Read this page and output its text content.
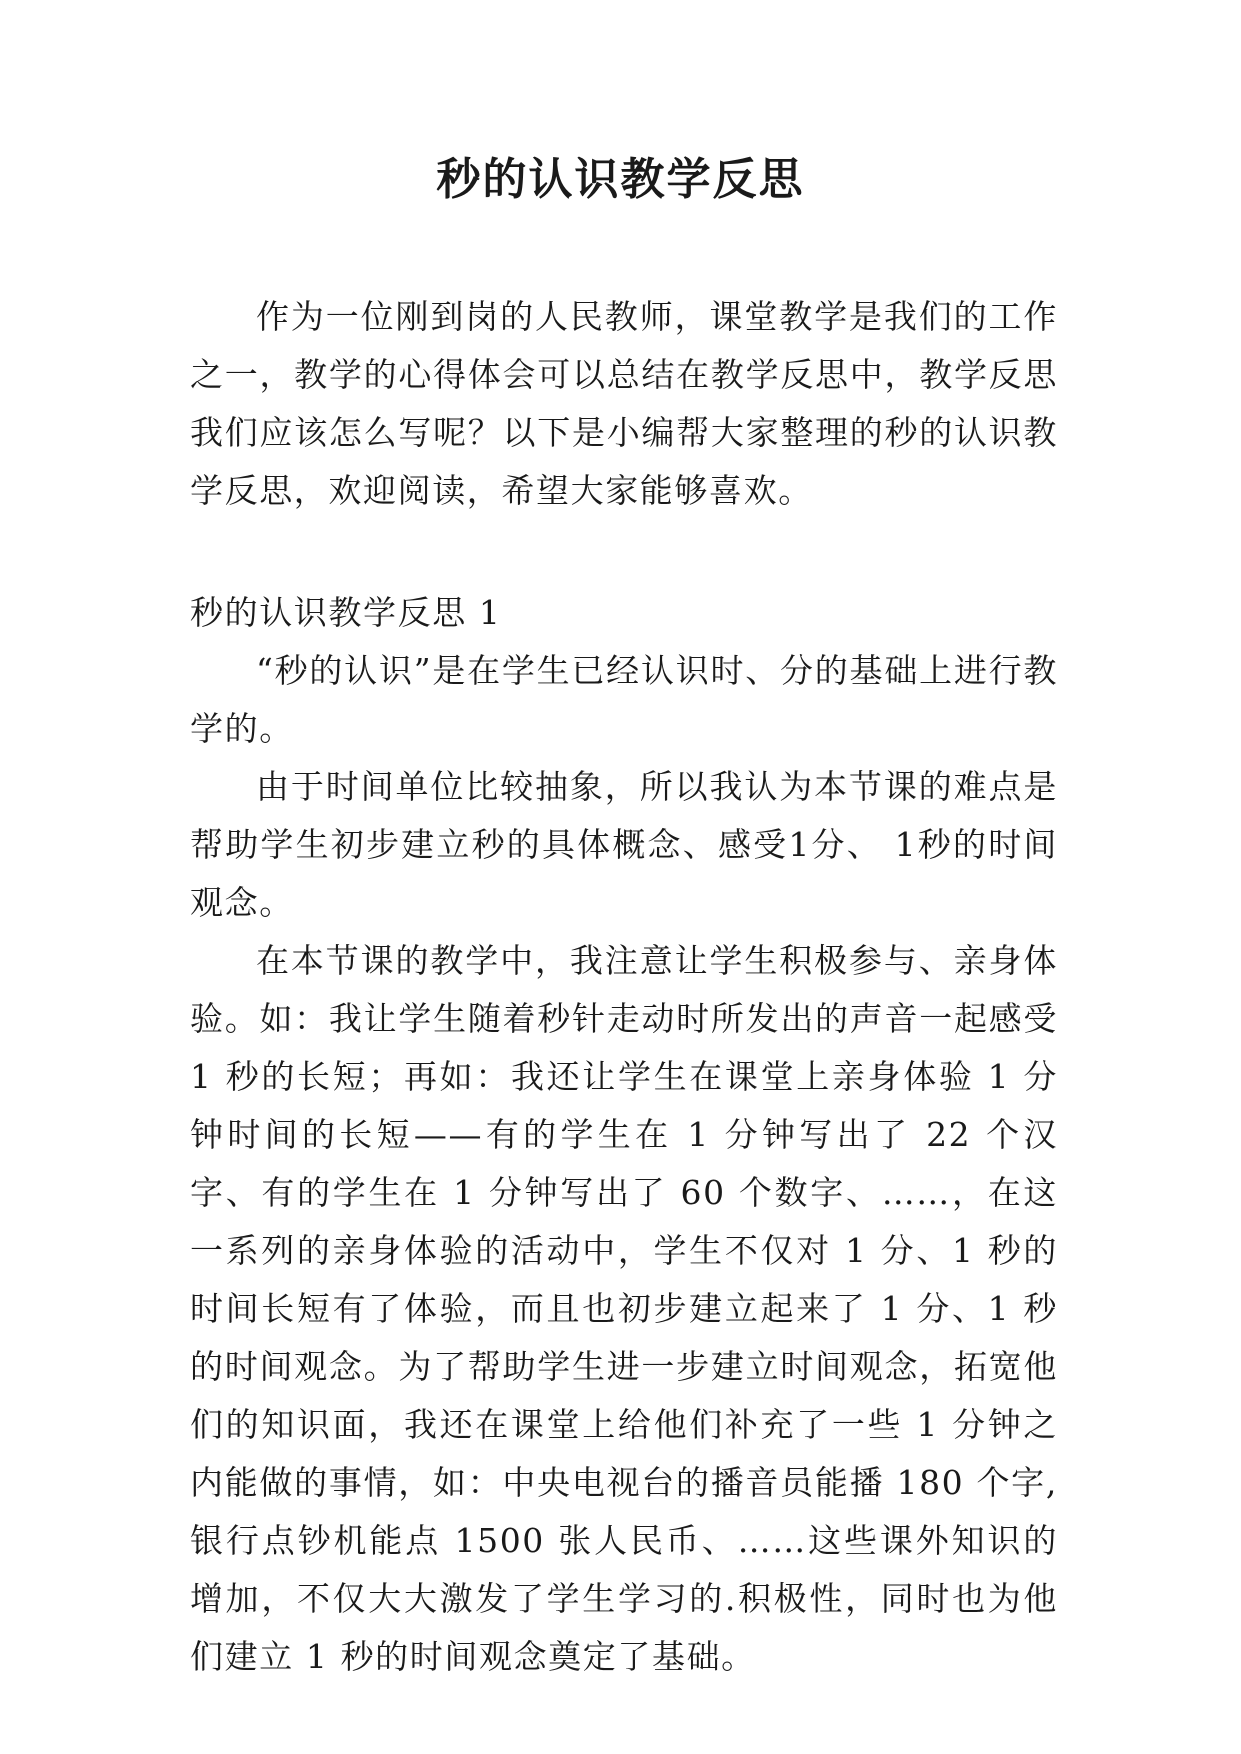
秒的认识教学反思

作为一位刚到岗的人民教师，课堂教学是我们的工作之一，教学的心得体会可以总结在教学反思中，教学反思我们应该怎么写呢？以下是小编帮大家整理的秒的认识教学反思，欢迎阅读，希望大家能够喜欢。

秒的认识教学反思 1

“秒的认识”是在学生已经认识时、分的基础上进行教学的。

由于时间单位比较抽象，所以我认为本节课的难点是帮助学生初步建立秒的具体概念、感受1分、 1秒的时间观念。

在本节课的教学中，我注意让学生积极参与、亲身体验。如：我让学生随着秒针走动时所发出的声音一起感受 1 秒的长短；再如：我还让学生在课堂上亲身体验 1 分钟时间的长短——有的学生在 1 分钟写出了 22 个汉字、有的学生在 1 分钟写出了 60 个数字、……，在这一系列的亲身体验的活动中，学生不仅对 1 分、1 秒的时间长短有了体验，而且也初步建立起来了 1 分、1 秒的时间观念。为了帮助学生进一步建立时间观念，拓宽他们的知识面，我还在课堂上给他们补充了一些 1 分钟之内能做的事情，如：中央电视台的播音员能播 180 个字,银行点钞机能点 1500 张人民币、……这些课外知识的增加，不仅大大激发了学生学习的.积极性，同时也为他们建立 1 秒的时间观念奠定了基础。
